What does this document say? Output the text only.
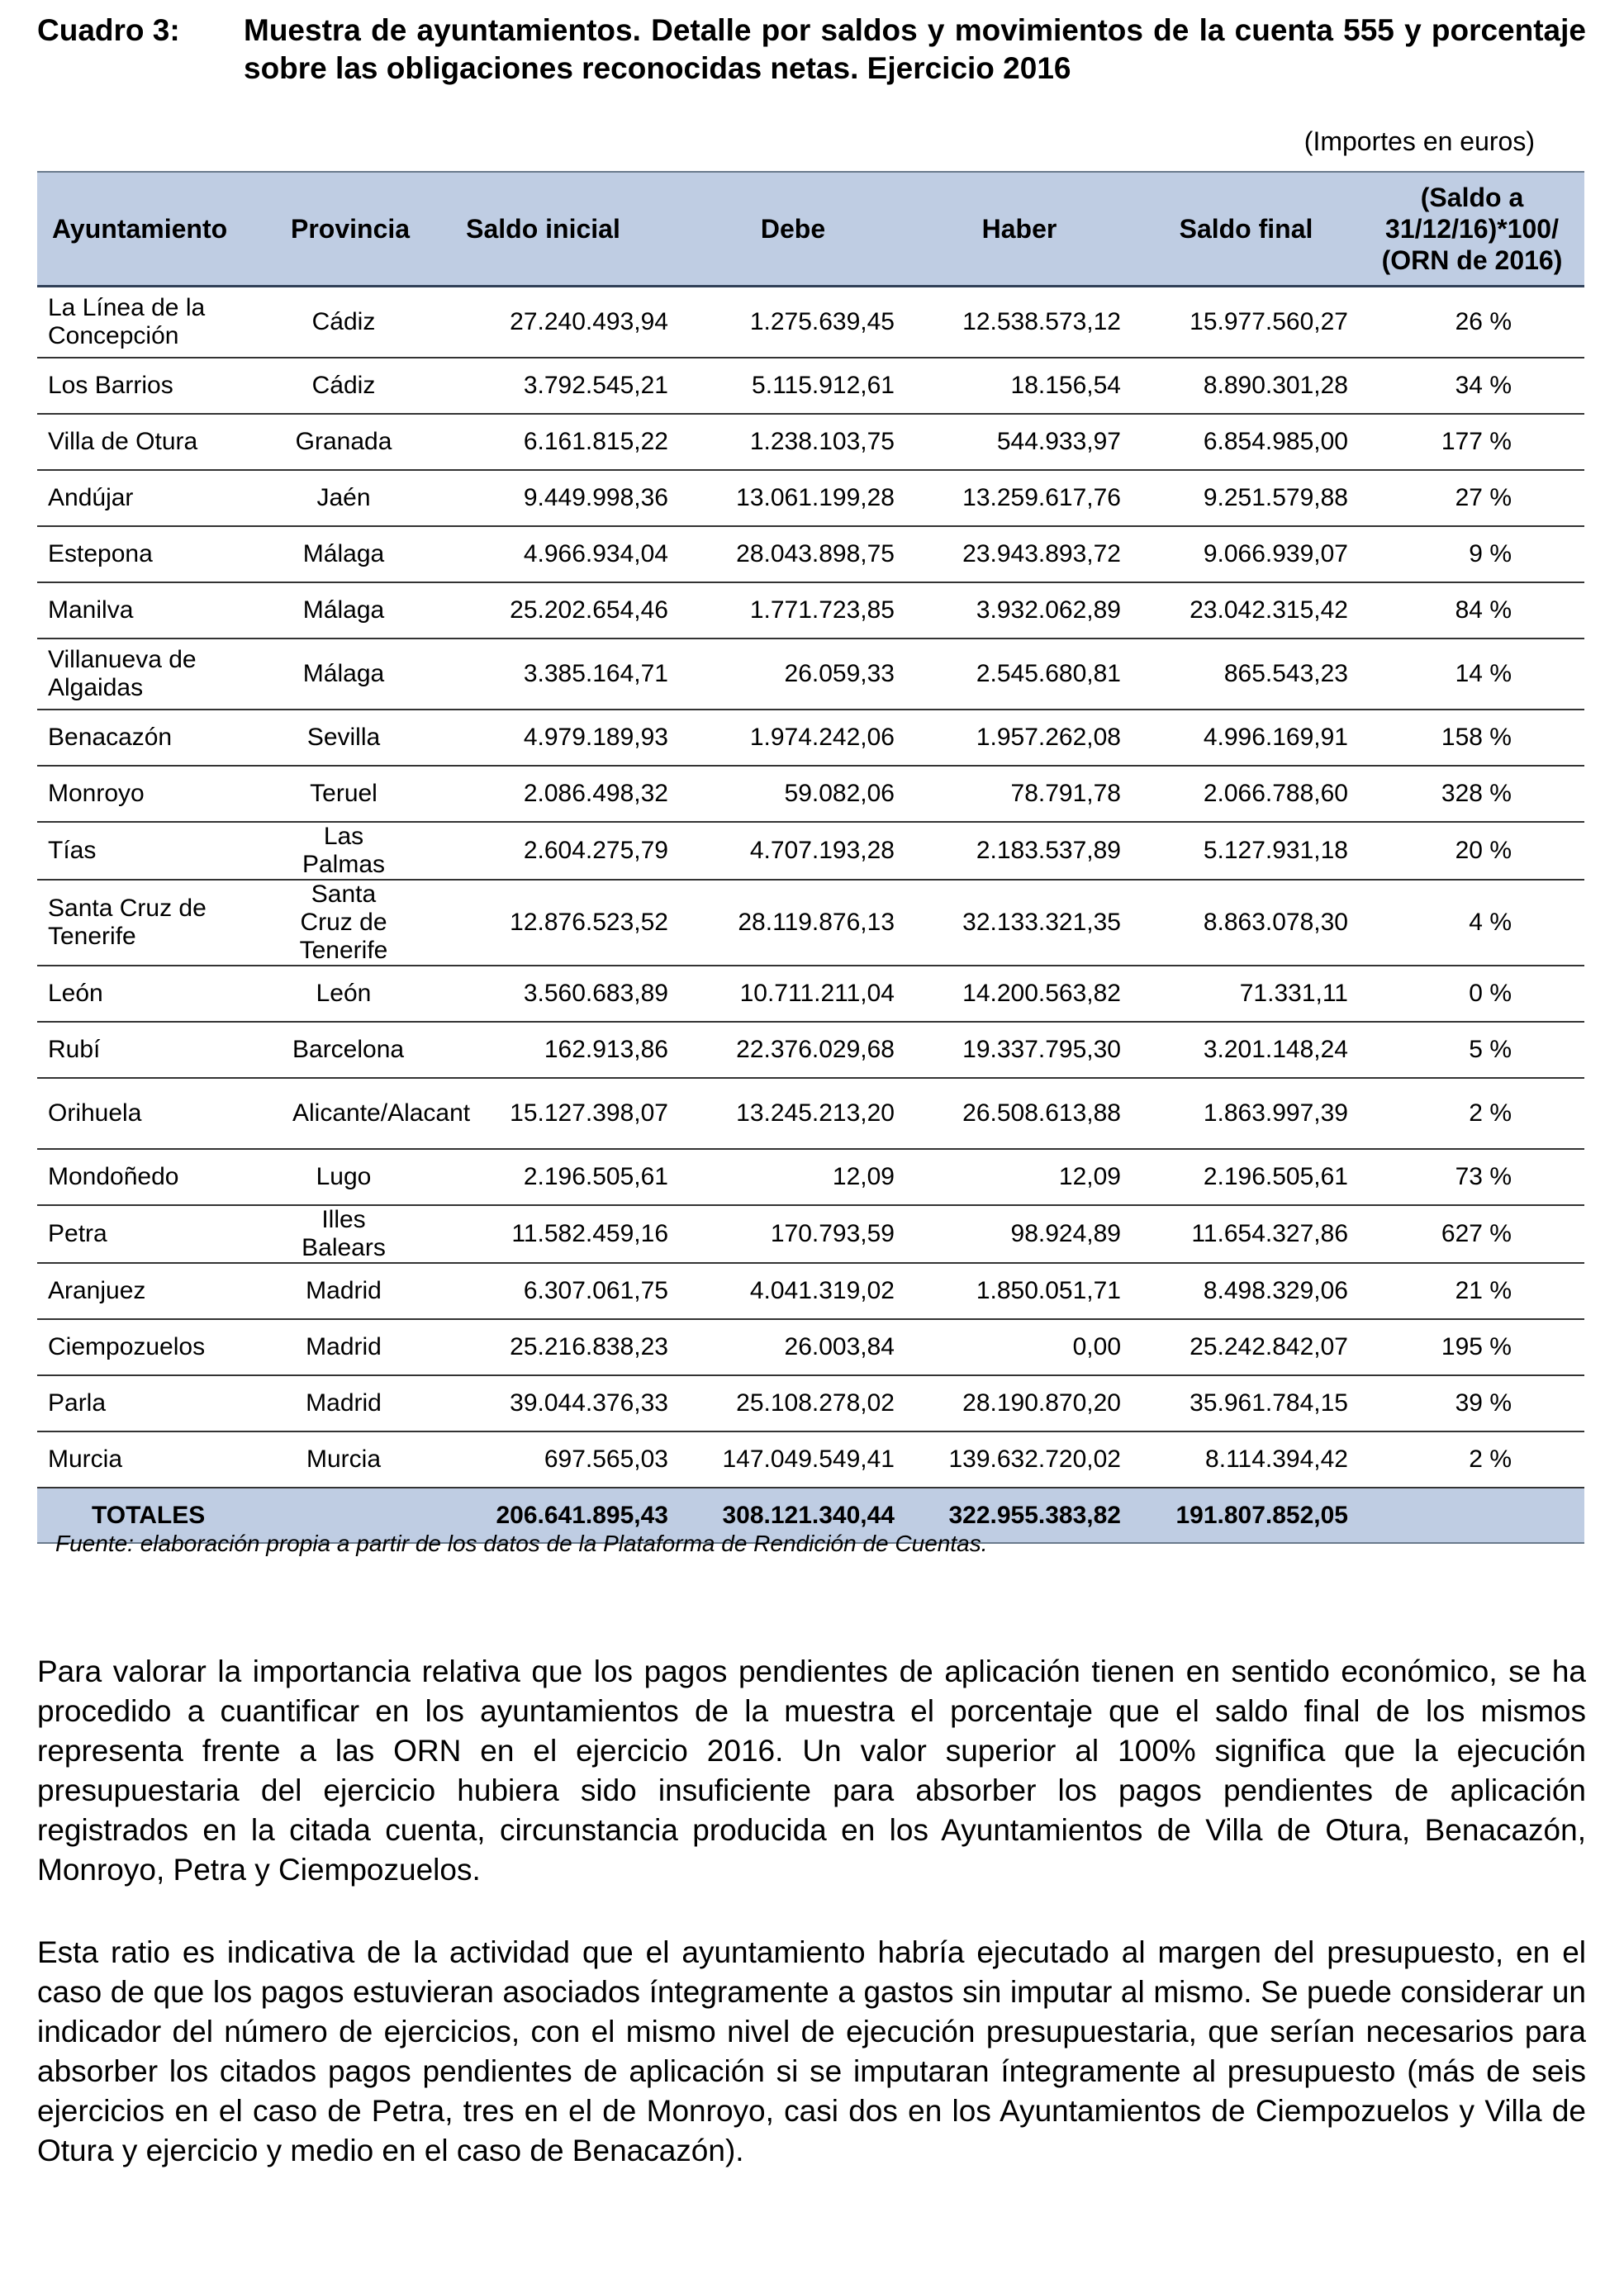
Cuadro 3: Muestra de ayuntamientos. Detalle por saldos y movimientos de la cuenta 555 y porcentaje sobre las obligaciones reconocidas netas. Ejercicio 2016
(Importes en euros)
Ayuntamiento	Provincia	Saldo inicial	Debe	Haber	Saldo final	(Saldo a
31/12/16)*100/
(ORN de 2016)

La Línea de la Concepción	Cádiz	27.240.493,94	1.275.639,45	12.538.573,12	15.977.560,27	26 %
Los Barrios	Cádiz	3.792.545,21	5.115.912,61	18.156,54	8.890.301,28	34 %
Villa de Otura	Granada	6.161.815,22	1.238.103,75	544.933,97	6.854.985,00	177 %
Andújar	Jaén	9.449.998,36	13.061.199,28	13.259.617,76	9.251.579,88	27 %
Estepona	Málaga	4.966.934,04	28.043.898,75	23.943.893,72	9.066.939,07	9 %
Manilva	Málaga	25.202.654,46	1.771.723,85	3.932.062,89	23.042.315,42	84 %
Villanueva de Algaidas	Málaga	3.385.164,71	26.059,33	2.545.680,81	865.543,23	14 %
Benacazón	Sevilla	4.979.189,93	1.974.242,06	1.957.262,08	4.996.169,91	158 %
Monroyo	Teruel	2.086.498,32	59.082,06	78.791,78	2.066.788,60	328 %
Tías	Las Palmas	2.604.275,79	4.707.193,28	2.183.537,89	5.127.931,18	20 %
Santa Cruz de Tenerife	Santa Cruz de Tenerife	12.876.523,52	28.119.876,13	32.133.321,35	8.863.078,30	4 %
León	León	3.560.683,89	10.711.211,04	14.200.563,82	71.331,11	0 %
Rubí	Barcelona	162.913,86	22.376.029,68	19.337.795,30	3.201.148,24	5 %
Orihuela	Alicante/Alacant	15.127.398,07	13.245.213,20	26.508.613,88	1.863.997,39	2 %
Mondoñedo	Lugo	2.196.505,61	12,09	12,09	2.196.505,61	73 %
Petra	Illes Balears	11.582.459,16	170.793,59	98.924,89	11.654.327,86	627 %
Aranjuez	Madrid	6.307.061,75	4.041.319,02	1.850.051,71	8.498.329,06	21 %
Ciempozuelos	Madrid	25.216.838,23	26.003,84	0,00	25.242.842,07	195 %
Parla	Madrid	39.044.376,33	25.108.278,02	28.190.870,20	35.961.784,15	39 %
Murcia	Murcia	697.565,03	147.049.549,41	139.632.720,02	8.114.394,42	2 %
TOTALES		206.641.895,43	308.121.340,44	322.955.383,82	191.807.852,05	
Fuente: elaboración propia a partir de los datos de la Plataforma de Rendición de Cuentas.

Para valorar la importancia relativa que los pagos pendientes de aplicación tienen en sentido económico, se ha procedido a cuantificar en los ayuntamientos de la muestra el porcentaje que el saldo final de los mismos representa frente a las ORN en el ejercicio 2016. Un valor superior al 100% significa que la ejecución presupuestaria del ejercicio hubiera sido insuficiente para absorber los pagos pendientes de aplicación registrados en la citada cuenta, circunstancia producida en los Ayuntamientos de Villa de Otura, Benacazón, Monroyo, Petra y Ciempozuelos.

Esta ratio es indicativa de la actividad que el ayuntamiento habría ejecutado al margen del presupuesto, en el caso de que los pagos estuvieran asociados íntegramente a gastos sin imputar al mismo. Se puede considerar un indicador del número de ejercicios, con el mismo nivel de ejecución presupuestaria, que serían necesarios para absorber los citados pagos pendientes de aplicación si se imputaran íntegramente al presupuesto (más de seis ejercicios en el caso de Petra, tres en el de Monroyo, casi dos en los Ayuntamientos de Ciempozuelos y Villa de Otura y ejercicio y medio en el caso de Benacazón).
